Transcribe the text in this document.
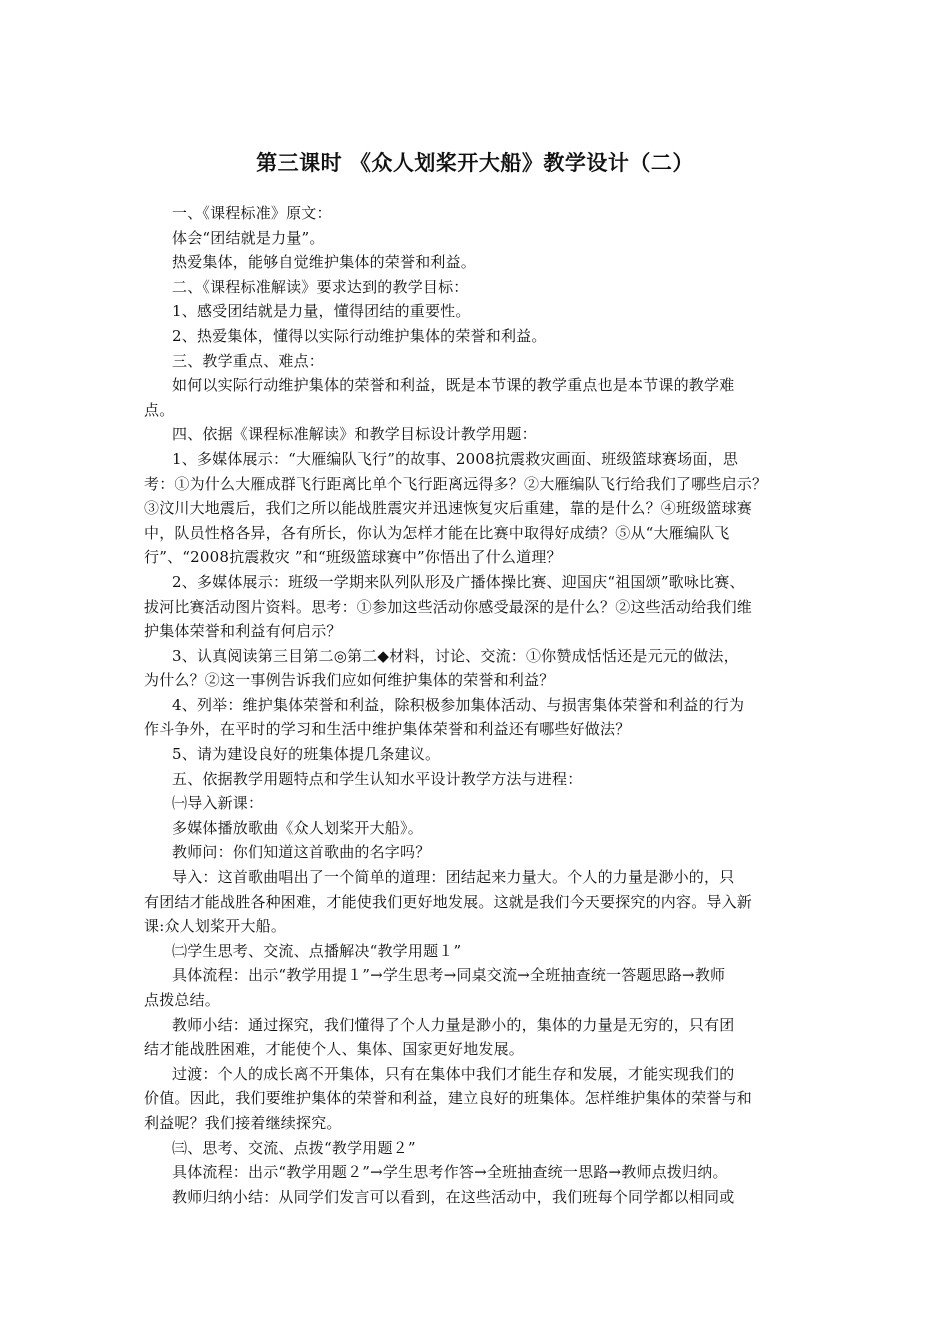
第三课时 《众人划桨开大船》教学设计（二）
一、《课程标准》原文：
体会“团结就是力量”。
热爱集体，能够自觉维护集体的荣誉和利益。
二、《课程标准解读》要求达到的教学目标：
1、感受团结就是力量，懂得团结的重要性。
2、热爱集体，懂得以实际行动维护集体的荣誉和利益。
三、教学重点、难点：
如何以实际行动维护集体的荣誉和利益，既是本节课的教学重点也是本节课的教学难
点。
四、依据《课程标准解读》和教学目标设计教学用题：
1、多媒体展示：“大雁编队飞行”的故事、2008抗震救灾画面、班级篮球赛场面，思
考：①为什么大雁成群飞行距离比单个飞行距离远得多？②大雁编队飞行给我们了哪些启示？
③汶川大地震后，我们之所以能战胜震灾并迅速恢复灾后重建，靠的是什么？④班级篮球赛
中，队员性格各异，各有所长，你认为怎样才能在比赛中取得好成绩？⑤从“大雁编队飞
行”、“2008抗震救灾 ”和“班级篮球赛中”你悟出了什么道理？
2、多媒体展示：班级一学期来队列队形及广播体操比赛、迎国庆“祖国颂”歌咏比赛、
拔河比赛活动图片资料。思考：①参加这些活动你感受最深的是什么？②这些活动给我们维
护集体荣誉和利益有何启示？
3、认真阅读第三目第二◎第二◆材料，讨论、交流：①你赞成恬恬还是元元的做法，
为什么？②这一事例告诉我们应如何维护集体的荣誉和利益？
4、列举：维护集体荣誉和利益，除积极参加集体活动、与损害集体荣誉和利益的行为
作斗争外，在平时的学习和生活中维护集体荣誉和利益还有哪些好做法？
5、请为建设良好的班集体提几条建议。
五、依据教学用题特点和学生认知水平设计教学方法与进程：
㈠导入新课：
多媒体播放歌曲《众人划桨开大船》。
教师问：你们知道这首歌曲的名字吗？
导入：这首歌曲唱出了一个简单的道理：团结起来力量大。个人的力量是渺小的，只
有团结才能战胜各种困难，才能使我们更好地发展。这就是我们今天要探究的内容。导入新
课:众人划桨开大船。
㈡学生思考、交流、点播解决“教学用题１”
具体流程：出示“教学用提１”→学生思考→同桌交流→全班抽查统一答题思路→教师
点拨总结。
教师小结：通过探究，我们懂得了个人力量是渺小的，集体的力量是无穷的，只有团
结才能战胜困难，才能使个人、集体、国家更好地发展。
过渡：个人的成长离不开集体，只有在集体中我们才能生存和发展，才能实现我们的
价值。因此，我们要维护集体的荣誉和利益，建立良好的班集体。怎样维护集体的荣誉与和
利益呢？我们接着继续探究。
㈢、思考、交流、点拨“教学用题２”
具体流程：出示“教学用题２”→学生思考作答→全班抽查统一思路→教师点拨归纳。
教师归纳小结：从同学们发言可以看到，在这些活动中，我们班每个同学都以相同或
